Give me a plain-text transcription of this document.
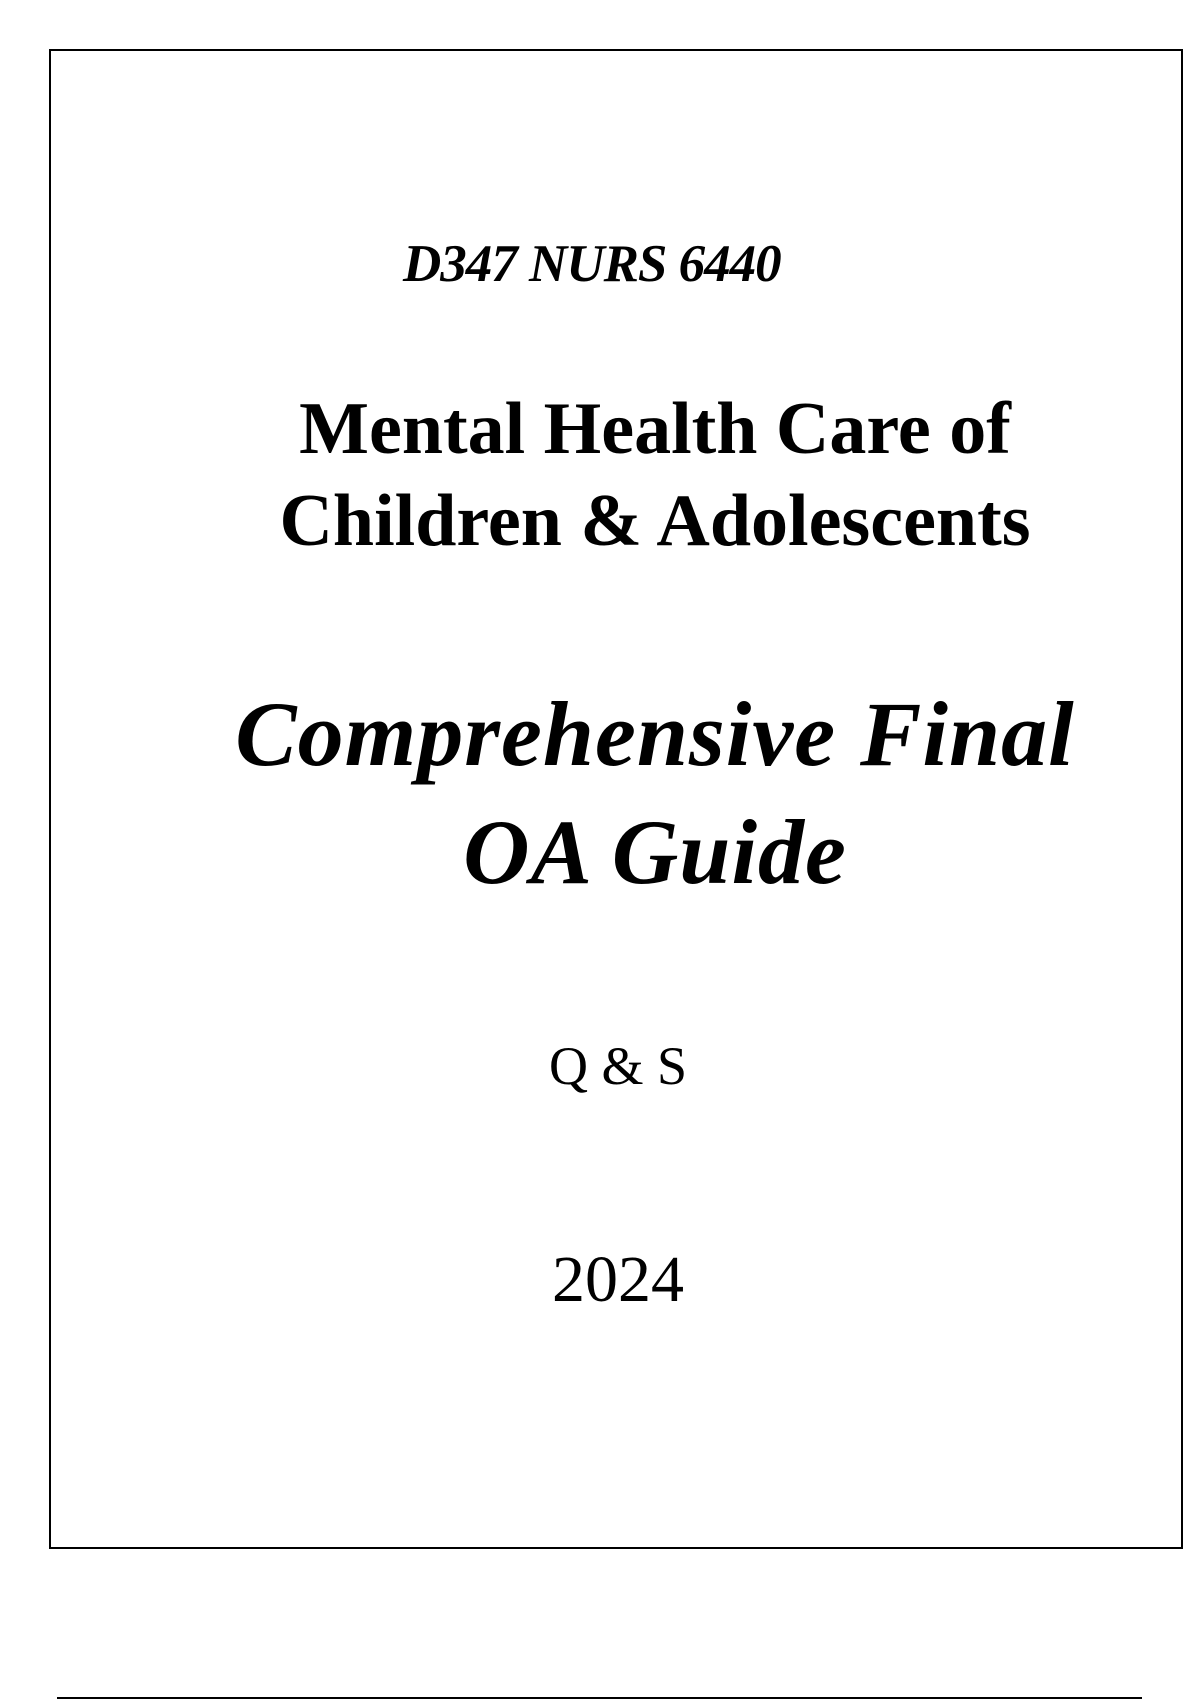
D347 NURS 6440

Mental Health Care of
Children & Adolescents
Comprehensive Final
OA Guide

Q & S

2024
